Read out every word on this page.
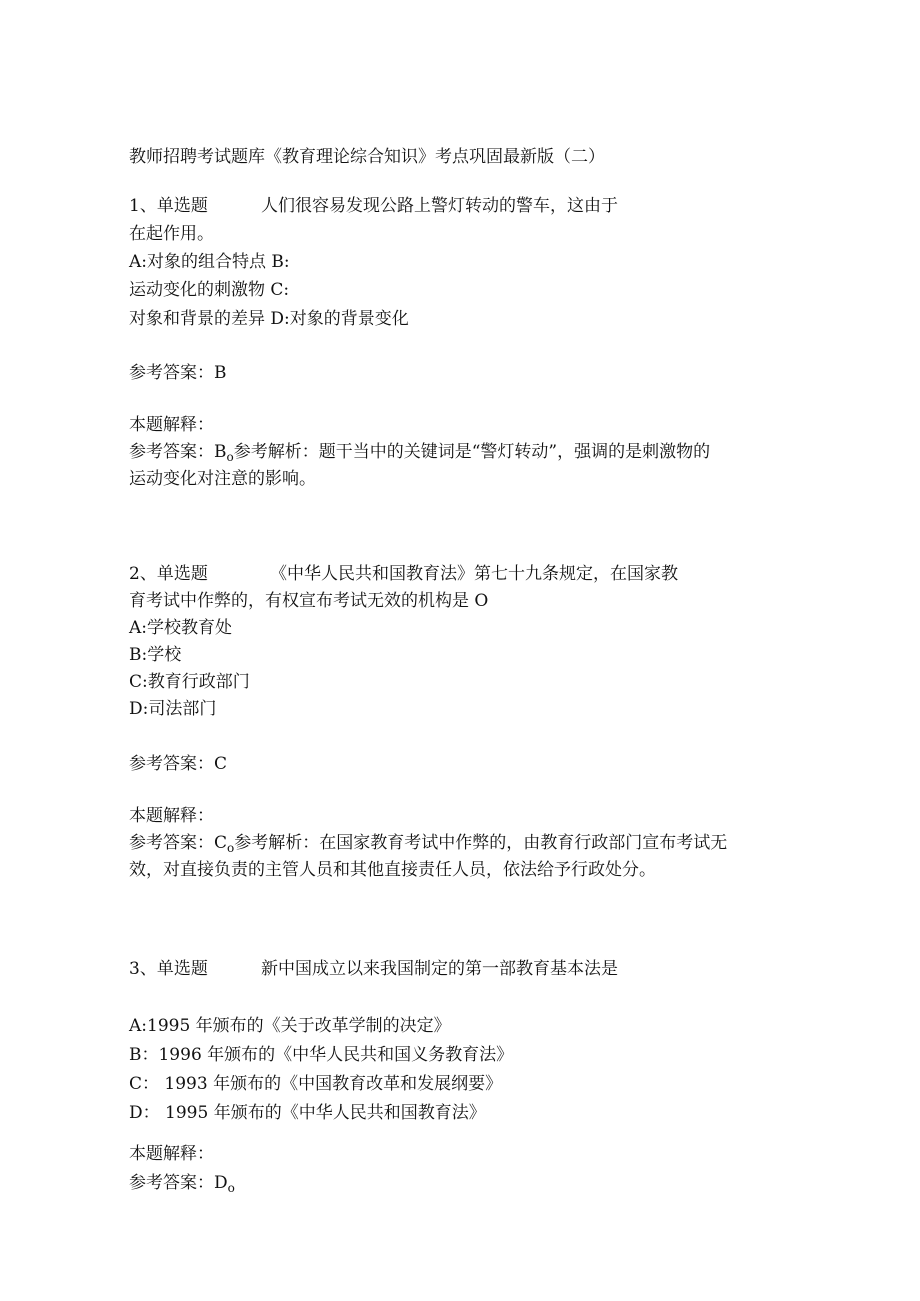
教师招聘考试题库《教育理论综合知识》考点巩固最新版（二）
1、单选题	人们很容易发现公路上警灯转动的警车，这由于
在起作用。
A:对象的组合特点 B:
运动变化的刺激物 C:
对象和背景的差异 D:对象的背景变化
参考答案：B
本题解释：
参考答案：$B_o$参考解析：题干当中的关键词是“警灯转动”，强调的是刺激物的
运动变化对注意的影响。
2、单选题	《中华人民共和国教育法》第七十九条规定，在国家教
育考试中作弊的，有权宣布考试无效的机构是 O
A:学校教育处
B:学校
C:教育行政部门
D:司法部门
参考答案：C
本题解释：
参考答案：$C_o$参考解析：在国家教育考试中作弊的，由教育行政部门宣布考试无
效，对直接负责的主管人员和其他直接责任人员，依法给予行政处分。
3、单选题	新中国成立以来我国制定的第一部教育基本法是
A:1995 年颁布的《关于改革学制的决定》
B：1996 年颁布的《中华人民共和国义务教育法》
C： 1993 年颁布的《中国教育改革和发展纲要》
D： 1995 年颁布的《中华人民共和国教育法》
本题解释：
参考答案：$D_o$
